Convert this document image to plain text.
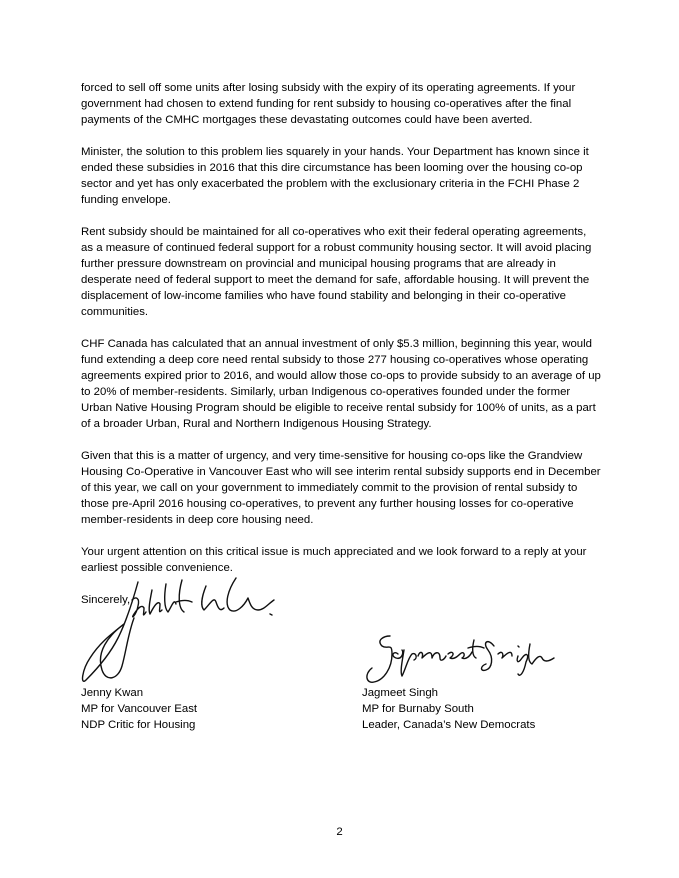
forced to sell off some units after losing subsidy with the expiry of its operating agreements. If your government had chosen to extend funding for rent subsidy to housing co-operatives after the final payments of the CMHC mortgages these devastating outcomes could have been averted.

Minister, the solution to this problem lies squarely in your hands. Your Department has known since it ended these subsidies in 2016 that this dire circumstance has been looming over the housing co-op sector and yet has only exacerbated the problem with the exclusionary criteria in the FCHI Phase 2 funding envelope.

Rent subsidy should be maintained for all co-operatives who exit their federal operating agreements, as a measure of continued federal support for a robust community housing sector. It will avoid placing further pressure downstream on provincial and municipal housing programs that are already in desperate need of federal support to meet the demand for safe, affordable housing. It will prevent the displacement of low-income families who have found stability and belonging in their co-operative communities.

CHF Canada has calculated that an annual investment of only $5.3 million, beginning this year, would fund extending a deep core need rental subsidy to those 277 housing co-operatives whose operating agreements expired prior to 2016, and would allow those co-ops to provide subsidy to an average of up to 20% of member-residents. Similarly, urban Indigenous co-operatives founded under the former Urban Native Housing Program should be eligible to receive rental subsidy for 100% of units, as a part of a broader Urban, Rural and Northern Indigenous Housing Strategy.

Given that this is a matter of urgency, and very time-sensitive for housing co-ops like the Grandview Housing Co-Operative in Vancouver East who will see interim rental subsidy supports end in December of this year, we call on your government to immediately commit to the provision of rental subsidy to those pre-April 2016 housing co-operatives, to prevent any further housing losses for co-operative member-residents in deep core housing need.

Your urgent attention on this critical issue is much appreciated and we look forward to a reply at your earliest possible convenience.

Sincerely,

Jenny Kwan
MP for Vancouver East
NDP Critic for Housing
Jagmeet Singh
MP for Burnaby South
Leader, Canada’s New Democrats
2
